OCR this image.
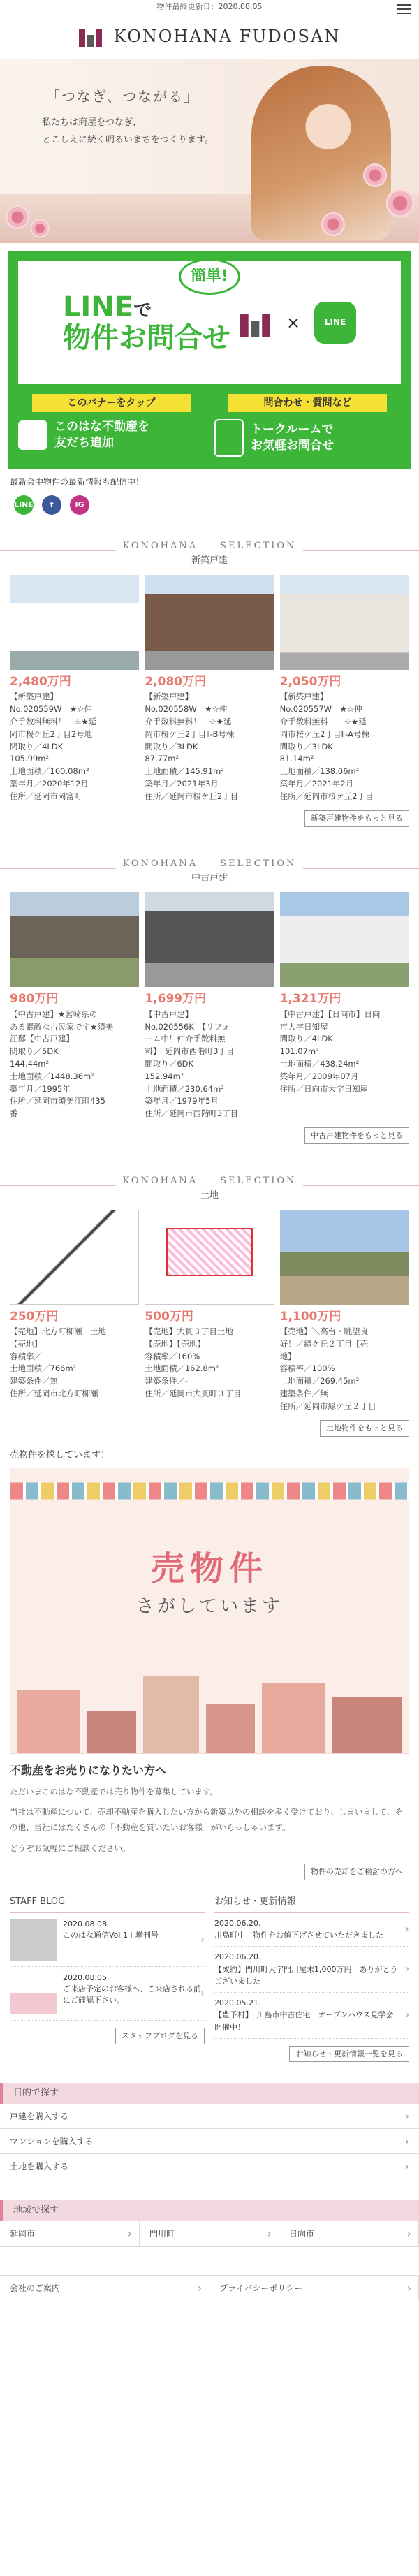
物件最終更新日：2020.08.05
KONOHANA FUDOSAN
「つなぎ、つながる」

私たちは商屋をつなぎ、
とこしえに続く明るいまちをつくります。

簡単!
LINEで
物件お問合せ	×	LINE
このバナーをタップ
このはな不動産を
友だち追加
問合わせ・質問など
トークルームで
お気軽お問合せ
最新会中物件の最新情報も配信中！
LINE	f	IG
KONOHANA　　SELECTION
新築戸建
2,480万円
【新築戸建】
No.020559W　★☆仲
介手数料無料！　☆★延
岡市桜ケ丘2丁目2号地
間取り／4LDK
105.99m²
土地面積／160.08m²
築年月／2020年12月
住所／延岡市岡富町
2,080万円
【新築戸建】
No.020558W　★☆仲
介手数料無料！　☆★延
岡市桜ケ丘2丁目Ⅱ-B号棟
間取り／3LDK
87.77m²
土地面積／145.91m²
築年月／2021年3月
住所／延岡市桜ケ丘2丁目
2,050万円
【新築戸建】
No.020557W　★☆仲
介手数料無料！　☆★延
岡市桜ケ丘2丁目Ⅱ-A号棟
間取り／3LDK
81.14m²
土地面積／138.06m²
築年月／2021年2月
住所／延岡市桜ケ丘2丁目
新築戸建物件をもっと見る
KONOHANA　　SELECTION
中古戸建
980万円
【中古戸建】★宮崎県の
ある素敵な古民家です★須美
江邸【中古戸建】
間取り／5DK
144.44m²
土地面積／1448.36m²
築年月／1995年
住所／延岡市須美江町435
番
1,699万円
【中古戸建】
No.020556K　【リフォ
ーム中！仲介手数料無
料】　延岡市西階町3丁目
間取り／6DK
152.94m²
土地面積／230.64m²
築年月／1979年5月
住所／延岡市西階町3丁目
1,321万円
【中古戸建】【日向市】日向
市大字日知屋
間取り／4LDK
101.07m²
土地面積／438.24m²
築年月／2009年07月
住所／日向市大字日知屋
中古戸建物件をもっと見る
KONOHANA　　SELECTION
土地
250万円
【売地】北方町柳瀬　土地
【売地】
容積率／
土地面積／766m²
建築条件／無
住所／延岡市北方町柳瀬
500万円
【売地】大貫３丁目土地
【売地】【売地】
容積率／160%
土地面積／162.8m²
建築条件／-
住所／延岡市大貫町３丁目
1,100万円
【売地】＼高台・眺望良
好！／緑ケ丘２丁目【売
地】
容積率／100%
土地面積／269.45m²
建築条件／無
住所／延岡市緑ケ丘２丁目
土地物件をもっと見る
売物件を探しています！
売物件

さがしています

不動産をお売りになりたい方へ

ただいまこのはな不動産では売り物件を募集しています。

当社は不動産について、売却不動産を購入したい方から新築以外の相談を多く受けており、しまいまして、その他、当社にはたくさんの「不動産を買いたいお客様」がいらっしゃいます。

どうぞお気軽にご相談ください。

物件の売却をご検討の方へ
STAFF BLOG
2020.08.08
このはな通信Vol.1＋増刊号	›
2020.08.05
ご来店予定のお客様へ、ご来店される前にご確認下さい。
›
スタッフブログを見る
お知らせ・更新情報
2020.06.20.
川島町中古物件をお値下げさせていただきました
›
2020.06.20.
【成約】門川町大字門川尾末1,000万円　ありがとうございました
›
2020.05.21.
【豊予村】　川島市中古住宅　オープンハウス見学会開催中！
›
お知らせ・更新情報一覧を見る
目的で探す
戸建を購入する ›
マンションを購入する ›
土地を購入する ›
地域で探す
延岡市 ›	門川町 ›	日向市 ›
会社のご案内 ›	プライバシーポリシー ›
